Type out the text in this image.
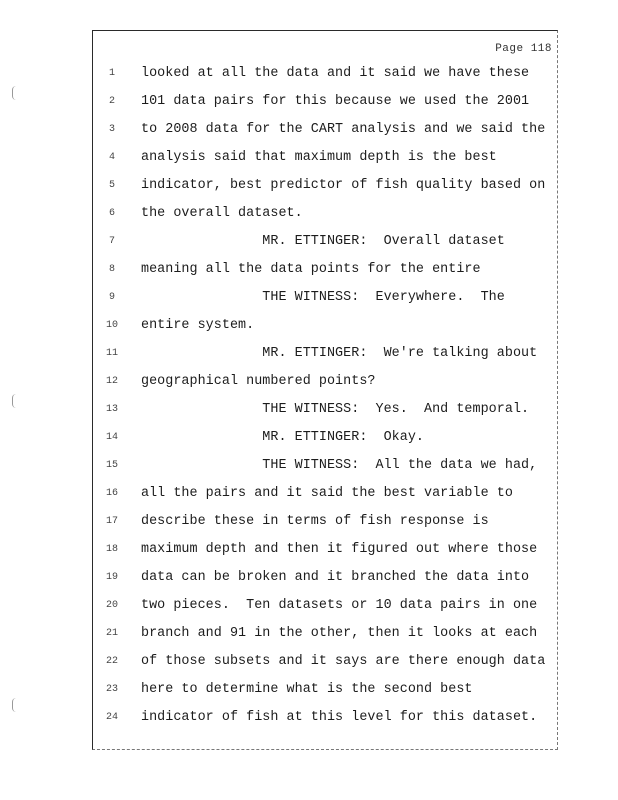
Page 118
1	looked at all the data and it said we have these
2	101 data pairs for this because we used the 2001
3	to 2008 data for the CART analysis and we said the
4	analysis said that maximum depth is the best
5	indicator, best predictor of fish quality based on
6	the overall dataset.
7	MR. ETTINGER:  Overall dataset
8	meaning all the data points for the entire
9	THE WITNESS:  Everywhere.  The
10 entire system.
11 MR. ETTINGER:  We're talking about
12 geographical numbered points?
13 THE WITNESS:  Yes.  And temporal.
14 MR. ETTINGER:  Okay.
15 THE WITNESS:  All the data we had,
16 all the pairs and it said the best variable to
17 describe these in terms of fish response is
18 maximum depth and then it figured out where those
19 data can be broken and it branched the data into
20 two pieces.  Ten datasets or 10 data pairs in one
21 branch and 91 in the other, then it looks at each
22 of those subsets and it says are there enough data
23 here to determine what is the second best
24 indicator of fish at this level for this dataset.
